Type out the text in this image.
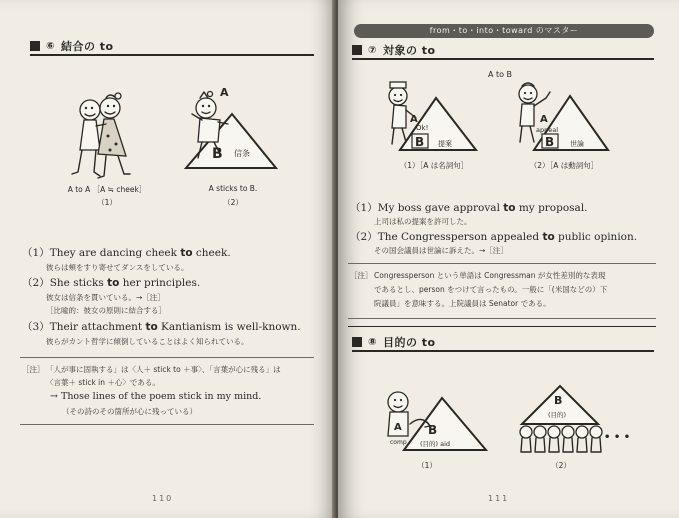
⑥ 結合の to
A to A ［A ≒ cheek］
（1）
B 信条
A
A sticks to B.
（2）
（1）They are dancing cheek to cheek.
彼らは頬をすり寄せてダンスをしている。
（2）She sticks to her principles.
彼女は信条を貫いている。→［注］
［比喩的：彼女の原則に結合する］
（3）Their attachment to Kantianism is well-known.
彼らがカント哲学に傾倒していることはよく知られている。
［注］ 「人が事に固執する」は〈人＋ stick to ＋事〉、「言葉が心に残る」は
〈言葉＋ stick in ＋心〉である。
→ Those lines of the poem stick in my mind.
（その詩のその箇所が心に残っている）
110
from・to・into・toward のマスター
⑦ 対象の to
A to B
A
Ok!
B 提案
（1）［A は名詞句］
A
appeal
B 世論
（2）［A は動詞句］
（1）My boss gave approval to my proposal.
上司は私の提案を許可した。
（2）The Congressperson appealed to public opinion.
その国会議員は世論に訴えた。→［注］
［注］ Congressperson という単語は Congressman が女性差別的な表現
であるとし、person をつけて言ったもの。一般に「(米国などの）下
院議員」を意味する。上院議員は Senator である。
⑧ 目的の to
A
comp
B
(目的) aid
（1）
B
(目的)
• • •
（2）
111
